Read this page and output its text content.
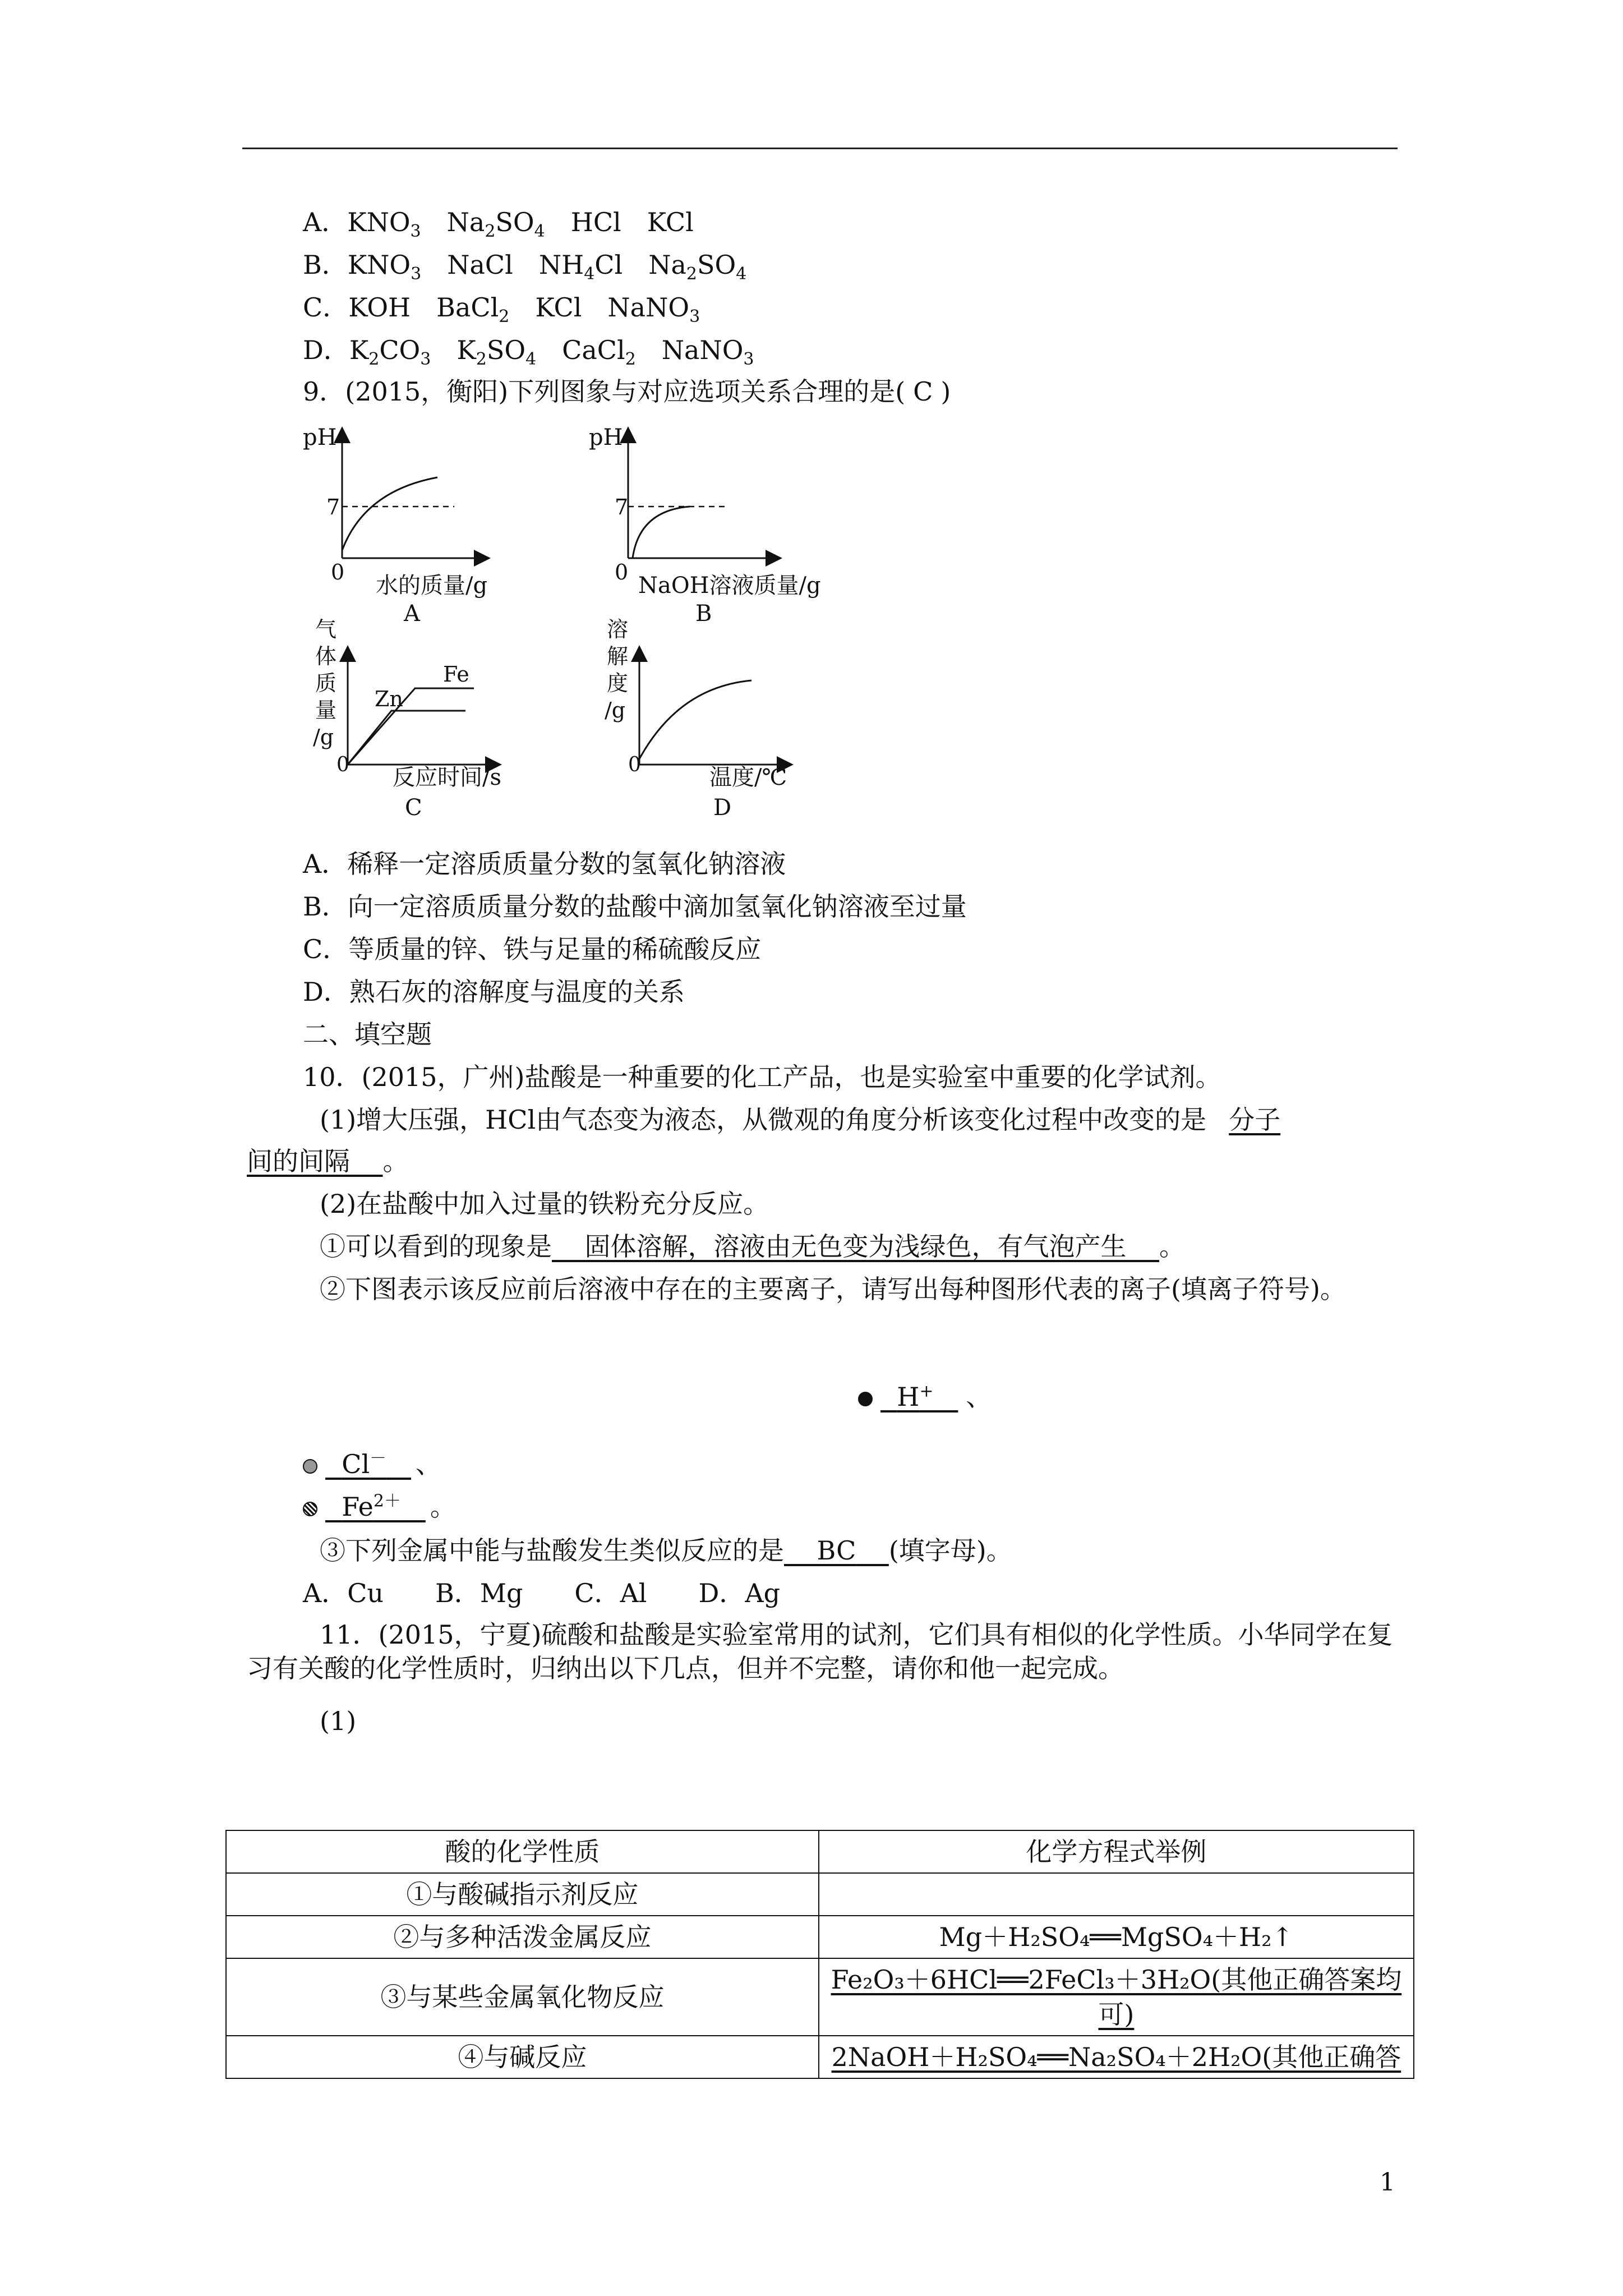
A．$KNO_3$　$Na_2SO_4$　HCl　KCl
B．$KNO_3$　NaCl　$NH_4Cl$　$Na_2SO_4$
C．KOH　BaCl$_2$　KCl　NaNO$_3$
D．$K_2CO_3$　$K_2SO_4$　CaCl$_2$　NaNO$_3$
9．(2015，衡阳)下列图象与对应选项关系合理的是( C )
pH
7
0
水的质量/g
A
pH
7
0
NaOH溶液质量/g
B
气
体
质
量
/g
0
Zn
Fe
反应时间/s
C
溶
解
度
/g
0	温度/℃
D
A．稀释一定溶质质量分数的氢氧化钠溶液
B．向一定溶质质量分数的盐酸中滴加氢氧化钠溶液至过量
C．等质量的锌、铁与足量的稀硫酸反应
D．熟石灰的溶解度与温度的关系
二、填空题
10．(2015，广州)盐酸是一种重要的化工产品，也是实验室中重要的化学试剂。
(1)增大压强，HCl由气态变为液态，从微观的角度分析该变化过程中改变的是 分子
间的间隔 。
(2)在盐酸中加入过量的铁粉充分反应。
①可以看到的现象是 固体溶解，溶液由无色变为浅绿色，有气泡产生 。
②下图表示该反应前后溶液中存在的主要离子，请写出每种图形代表的离子(填离子符号)。
H+ 、
Cl－ 、
$Fe^{2+}$ 。
③下列金属中能与盐酸发生类似反应的是 BC (填字母)。
A．Cu　　B．Mg　　C．Al　　D．Ag
11．(2015，宁夏)硫酸和盐酸是实验室常用的试剂，它们具有相似的化学性质。小华同学在复习有关酸的化学性质时，归纳出以下几点，但并不完整，请你和他一起完成。
(1)
酸的化学性质	化学方程式举例
①与酸碱指示剂反应	
②与多种活泼金属反应	Mg＋H₂SO₄══MgSO₄＋H₂↑
③与某些金属氧化物反应	Fe₂O₃＋6HCl══2FeCl₃＋3H₂O(其他正确答案均可)
④与碱反应	2NaOH＋H₂SO₄══Na₂SO₄＋2H₂O(其他正确答
1
